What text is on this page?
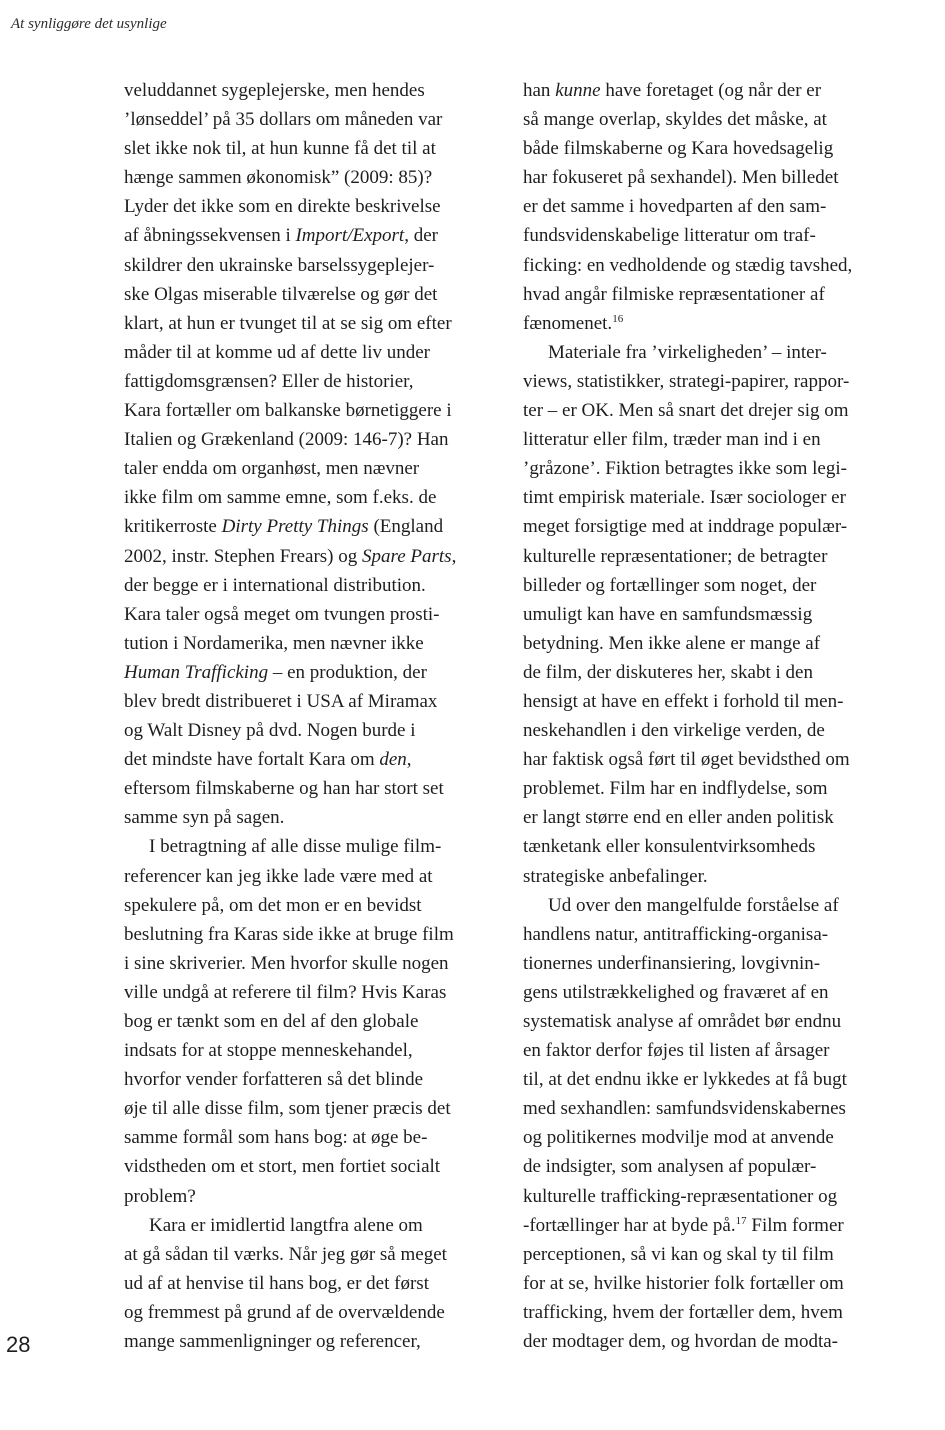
At synliggøre det usynlige
veluddannet sygeplejerske, men hendes
’lønseddel’ på 35 dollars om måneden var
slet ikke nok til, at hun kunne få det til at
hænge sammen økonomisk” (2009: 85)?
Lyder det ikke som en direkte beskrivelse
af åbningssekvensen i Import/Export, der
skildrer den ukrainske barselssygeplejer-
ske Olgas miserable tilværelse og gør det
klart, at hun er tvunget til at se sig om efter
måder til at komme ud af dette liv under
fattigdomsgrænsen? Eller de historier,
Kara fortæller om balkanske børnetiggere i
Italien og Grækenland (2009: 146-7)? Han
taler endda om organhøst, men nævner
ikke film om samme emne, som f.eks. de
kritikerroste Dirty Pretty Things (England
2002, instr. Stephen Frears) og Spare Parts,
der begge er i international distribution.
Kara taler også meget om tvungen prosti-
tution i Nordamerika, men nævner ikke
Human Trafficking – en produktion, der
blev bredt distribueret i USA af Miramax
og Walt Disney på dvd. Nogen burde i
det mindste have fortalt Kara om den,
eftersom filmskaberne og han har stort set
samme syn på sagen.
I betragtning af alle disse mulige film-
referencer kan jeg ikke lade være med at
spekulere på, om det mon er en bevidst
beslutning fra Karas side ikke at bruge film
i sine skriverier. Men hvorfor skulle nogen
ville undgå at referere til film? Hvis Karas
bog er tænkt som en del af den globale
indsats for at stoppe menneskehandel,
hvorfor vender forfatteren så det blinde
øje til alle disse film, som tjener præcis det
samme formål som hans bog: at øge be-
vidstheden om et stort, men fortiet socialt
problem?
Kara er imidlertid langtfra alene om
at gå sådan til værks. Når jeg gør så meget
ud af at henvise til hans bog, er det først
og fremmest på grund af de overvældende
mange sammenligninger og referencer,
han kunne have foretaget (og når der er
så mange overlap, skyldes det måske, at
både filmskaberne og Kara hovedsagelig
har fokuseret på sexhandel). Men billedet
er det samme i hovedparten af den sam-
fundsvidenskabelige litteratur om traf-
ficking: en vedholdende og stædig tavshed,
hvad angår filmiske repræsentationer af
fænomenet.$^{16}$
Materiale fra ’virkeligheden’ – inter-
views, statistikker, strategi-papirer, rappor-
ter – er OK. Men så snart det drejer sig om
litteratur eller film, træder man ind i en
’gråzone’. Fiktion betragtes ikke som legi-
timt empirisk materiale. Især sociologer er
meget forsigtige med at inddrage populær-
kulturelle repræsentationer; de betragter
billeder og fortællinger som noget, der
umuligt kan have en samfundsmæssig
betydning. Men ikke alene er mange af
de film, der diskuteres her, skabt i den
hensigt at have en effekt i forhold til men-
neskehandlen i den virkelige verden, de
har faktisk også ført til øget bevidsthed om
problemet. Film har en indflydelse, som
er langt større end en eller anden politisk
tænketank eller konsulentvirksomheds
strategiske anbefalinger.
Ud over den mangelfulde forståelse af
handlens natur, antitrafficking-organisa-
tionernes underfinansiering, lovgivnin-
gens utilstrækkelighed og fraværet af en
systematisk analyse af området bør endnu
en faktor derfor føjes til listen af årsager
til, at det endnu ikke er lykkedes at få bugt
med sexhandlen: samfundsvidenskabernes
og politikernes modvilje mod at anvende
de indsigter, som analysen af populær-
kulturelle trafficking-repræsentationer og
-fortællinger har at byde på.$^{17}$ Film former
perceptionen, så vi kan og skal ty til film
for at se, hvilke historier folk fortæller om
trafficking, hvem der fortæller dem, hvem
der modtager dem, og hvordan de modta-
28
